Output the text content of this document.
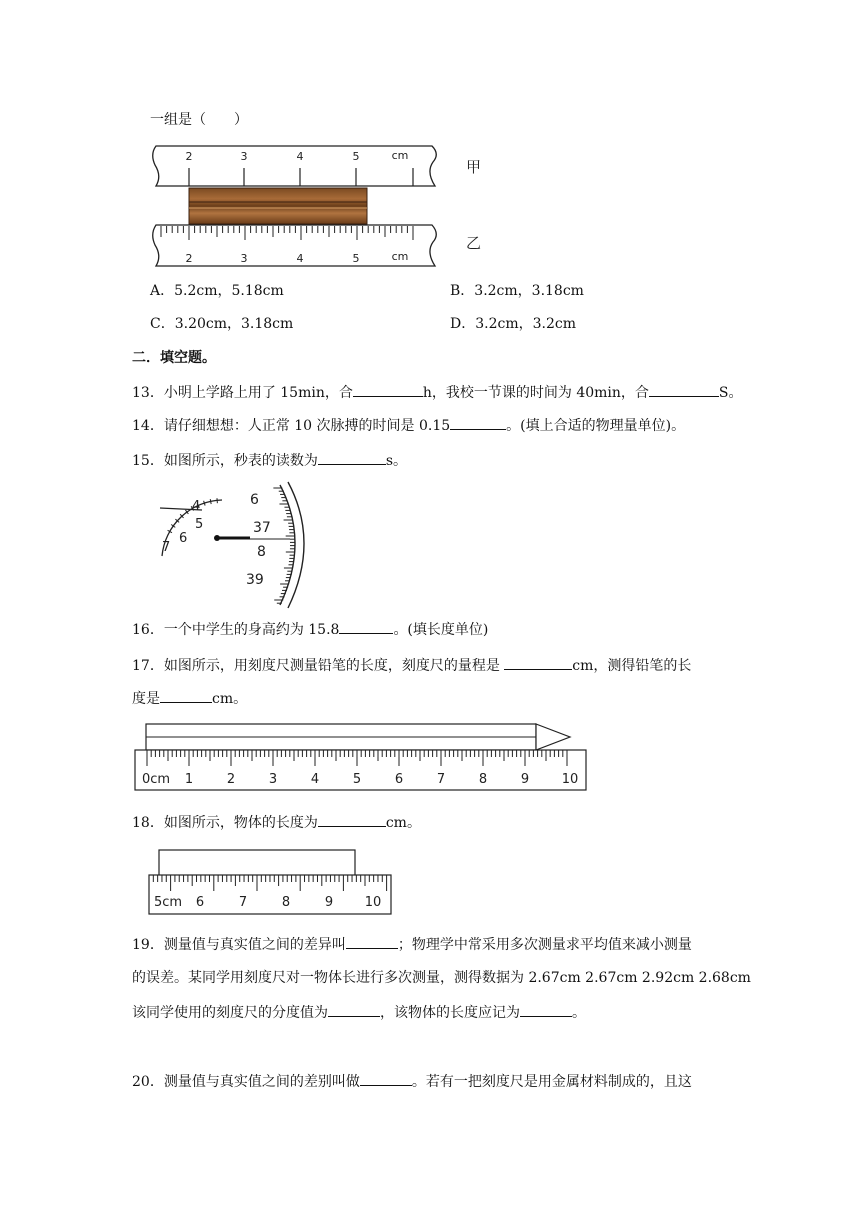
一组是（　　）
2	3	4	5	cm
甲
2	3	4	5	cm
乙
A．5.2cm，5.18cm	B．3.2cm，3.18cm
C．3.20cm，3.18cm	D．3.2cm，3.2cm
二．填空题。
13．小明上学路上用了 15min，合	h，我校一节课的时间为 40min，合	S。
14．请仔细想想：人正常 10 次脉搏的时间是 0.15	。(填上合适的物理量单位)。
15．如图所示，秒表的读数为	s。
4
5
6
7
6
37
8
39
16．一个中学生的身高约为 15.8	。(填长度单位)
17．如图所示，用刻度尺测量铅笔的长度，刻度尺的量程是	cm，测得铅笔的长
度是	cm。
0cm 1	2	3	4	5	6	7	8	9	10
18．如图所示，物体的长度为	cm。
5cm 6	7	8	9 10
19．测量值与真实值之间的差异叫	；物理学中常采用多次测量求平均值来减小测量
的误差。某同学用刻度尺对一物体长进行多次测量，测得数据为 2.67cm 2.67cm 2.92cm 2.68cm
该同学使用的刻度尺的分度值为	，该物体的长度应记为	。
20．测量值与真实值之间的差别叫做	。若有一把刻度尺是用金属材料制成的，且这
